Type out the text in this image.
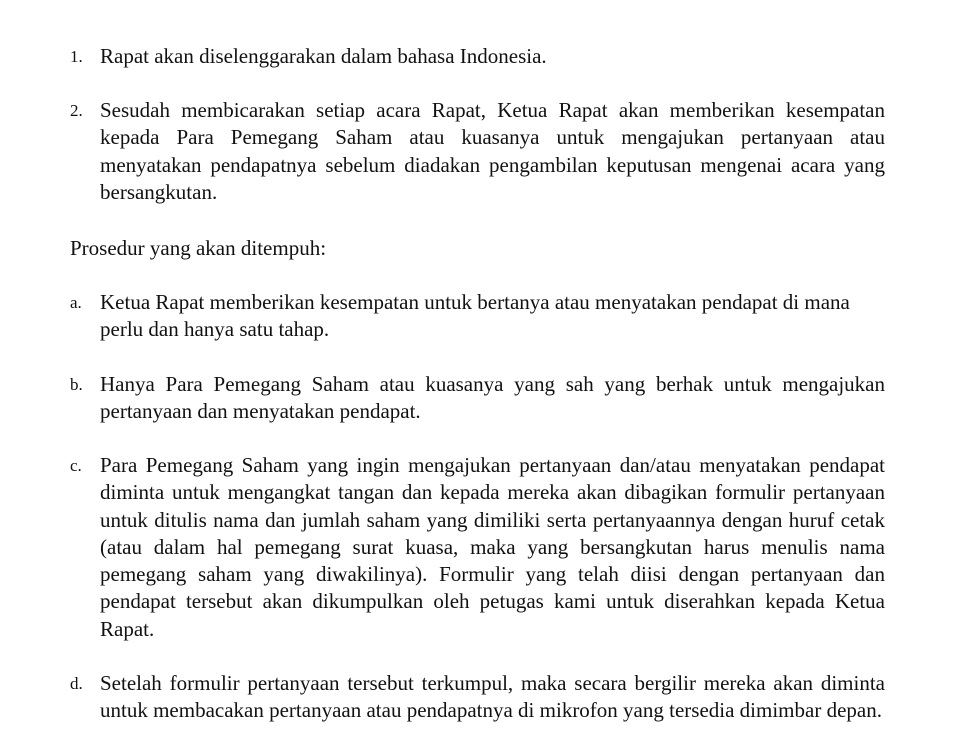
1. Rapat akan diselenggarakan dalam bahasa Indonesia.
2. Sesudah membicarakan setiap acara Rapat, Ketua Rapat akan memberikan kesempatan kepada Para Pemegang Saham atau kuasanya untuk mengajukan pertanyaan atau menyatakan pendapatnya sebelum diadakan pengambilan keputusan mengenai acara yang bersangkutan.
Prosedur yang akan ditempuh:
a. Ketua Rapat memberikan kesempatan untuk bertanya atau menyatakan pendapat di mana perlu dan hanya satu tahap.
b. Hanya Para Pemegang Saham atau kuasanya yang sah yang berhak untuk mengajukan pertanyaan dan menyatakan pendapat.
c. Para Pemegang Saham yang ingin mengajukan pertanyaan dan/atau menyatakan pendapat diminta untuk mengangkat tangan dan kepada mereka akan dibagikan formulir pertanyaan untuk ditulis nama dan jumlah saham yang dimiliki serta pertanyaannya dengan huruf cetak (atau dalam hal pemegang surat kuasa, maka yang bersangkutan harus menulis nama pemegang saham yang diwakilinya). Formulir yang telah diisi dengan pertanyaan dan pendapat tersebut akan dikumpulkan oleh petugas kami untuk diserahkan kepada Ketua Rapat.
d. Setelah formulir pertanyaan tersebut terkumpul, maka secara bergilir mereka akan diminta untuk membacakan pertanyaan atau pendapatnya di mikrofon yang tersedia dimimbar depan.
